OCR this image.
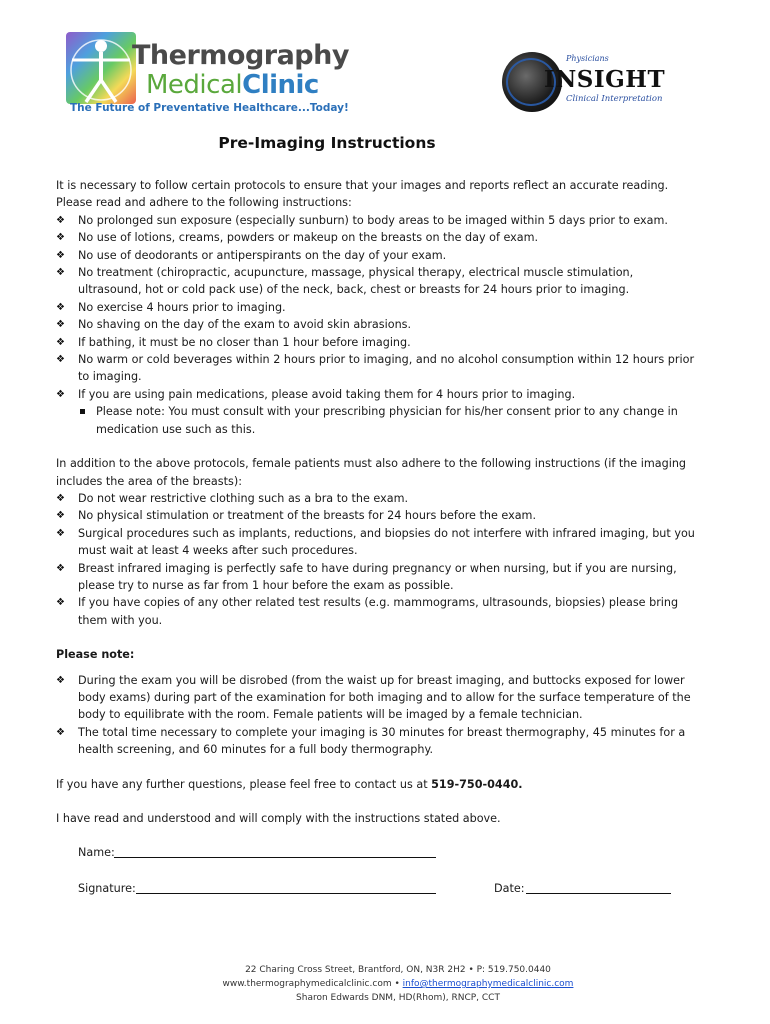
Thermography
MedicalClinic
The Future of Preventative Healthcare...Today!
Physicians
INSIGHT
Clinical Interpretation
Pre-Imaging Instructions

It is necessary to follow certain protocols to ensure that your images and reports reflect an accurate reading.

Please read and adhere to the following instructions:

❖ No prolonged sun exposure (especially sunburn) to body areas to be imaged within 5 days prior to exam.
❖ No use of lotions, creams, powders or makeup on the breasts on the day of exam.
❖ No use of deodorants or antiperspirants on the day of your exam.
❖ No treatment (chiropractic, acupuncture, massage, physical therapy, electrical muscle stimulation, ultrasound, hot or cold pack use) of the neck, back, chest or breasts for 24 hours prior to imaging.
❖ No exercise 4 hours prior to imaging.
❖ No shaving on the day of the exam to avoid skin abrasions.
❖ If bathing, it must be no closer than 1 hour before imaging.
❖ No warm or cold beverages within 2 hours prior to imaging, and no alcohol consumption within 12 hours prior to imaging.
❖ If you are using pain medications, please avoid taking them for 4 hours prior to imaging.
Please note: You must consult with your prescribing physician for his/her consent prior to any change in medication use such as this.

In addition to the above protocols, female patients must also adhere to the following instructions (if the imaging includes the area of the breasts):

❖ Do not wear restrictive clothing such as a bra to the exam.
❖ No physical stimulation or treatment of the breasts for 24 hours before the exam.
❖ Surgical procedures such as implants, reductions, and biopsies do not interfere with infrared imaging, but you must wait at least 4 weeks after such procedures.
❖ Breast infrared imaging is perfectly safe to have during pregnancy or when nursing, but if you are nursing, please try to nurse as far from 1 hour before the exam as possible.
❖ If you have copies of any other related test results (e.g. mammograms, ultrasounds, biopsies) please bring them with you.

Please note:

❖ During the exam you will be disrobed (from the waist up for breast imaging, and buttocks exposed for lower body exams) during part of the examination for both imaging and to allow for the surface temperature of the body to equilibrate with the room. Female patients will be imaged by a female technician.
❖ The total time necessary to complete your imaging is 30 minutes for breast thermography, 45 minutes for a health screening, and 60 minutes for a full body thermography.

If you have any further questions, please feel free to contact us at 519-750-0440.

I have read and understood and will comply with the instructions stated above.

Name:
Signature:	Date:
22 Charing Cross Street, Brantford, ON, N3R 2H2 • P: 519.750.0440
www.thermographymedicalclinic.com • info@thermographymedicalclinic.com
Sharon Edwards DNM, HD(Rhom), RNCP, CCT
